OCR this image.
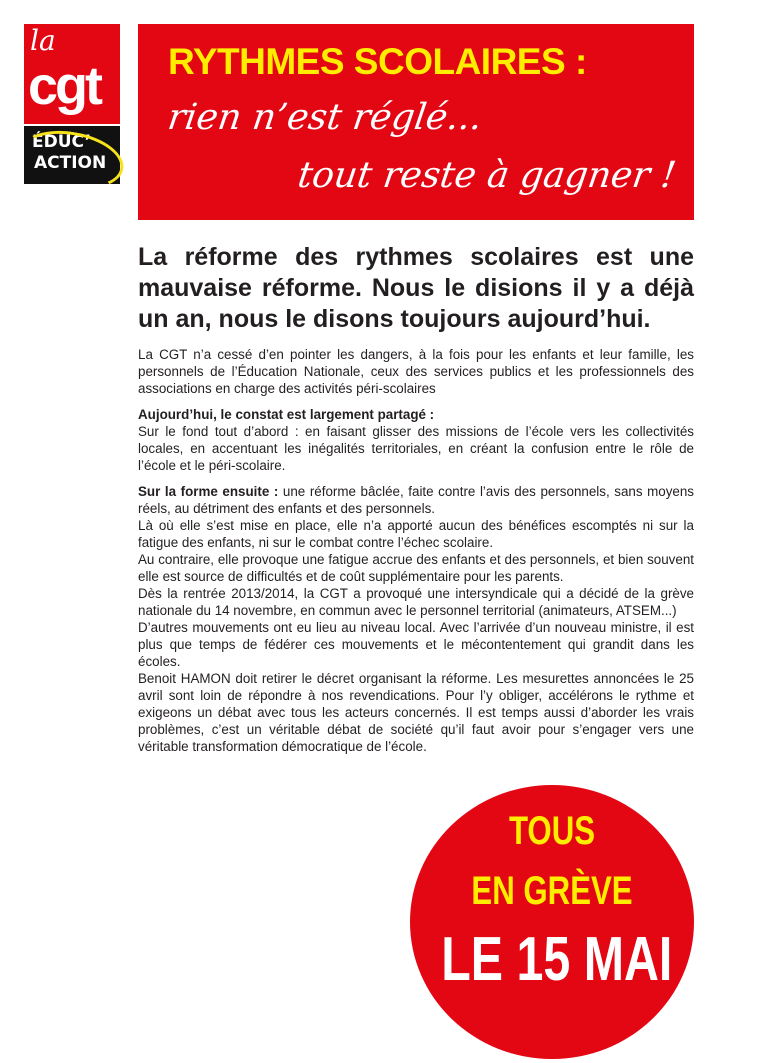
la
cgt
ÉDUC’
ACTION
RYTHMES SCOLAIRES :
rien n’est réglé...
tout reste à gagner !

La réforme des rythmes scolaires est une mauvaise réforme. Nous le disions il y a déjà un an, nous le disons toujours aujourd’hui.

La CGT n’a cessé d’en pointer les dangers, à la fois pour les enfants et leur famille, les personnels de l’Éducation Nationale, ceux des services publics et les professionnels des associations en charge des activités péri-scolaires

Aujourd’hui, le constat est largement partagé :

Sur le fond tout d’abord : en faisant glisser des missions de l’école vers les collectivités locales, en accentuant les inégalités territoriales, en créant la confusion entre le rôle de l’école et le péri-scolaire.

Sur la forme ensuite : une réforme bâclée, faite contre l’avis des personnels, sans moyens réels, au détriment des enfants et des personnels.

Là où elle s’est mise en place, elle n’a apporté aucun des bénéfices escomptés ni sur la fatigue des enfants, ni sur le combat contre l’échec scolaire.

Au contraire, elle provoque une fatigue accrue des enfants et des personnels, et bien souvent elle est source de difficultés et de coût supplémentaire pour les parents.

Dès la rentrée 2013/2014, la CGT a provoqué une intersyndicale qui a décidé de la grève nationale du 14 novembre, en commun avec le personnel territorial (animateurs, ATSEM...)

D’autres mouvements ont eu lieu au niveau local. Avec l’arrivée d’un nouveau ministre, il est plus que temps de fédérer ces mouvements et le mécontentement qui grandit dans les écoles.

Benoit HAMON doit retirer le décret organisant la réforme. Les mesurettes annoncées le 25 avril sont loin de répondre à nos revendications. Pour l’y obliger, accélérons le rythme et exigeons un débat avec tous les acteurs concernés. Il est temps aussi d’aborder les vrais problèmes, c’est un véritable débat de société qu’il faut avoir pour s’engager vers une véritable transformation démocratique de l’école.

TOUS
EN GRÈVE
LE 15 MAI
